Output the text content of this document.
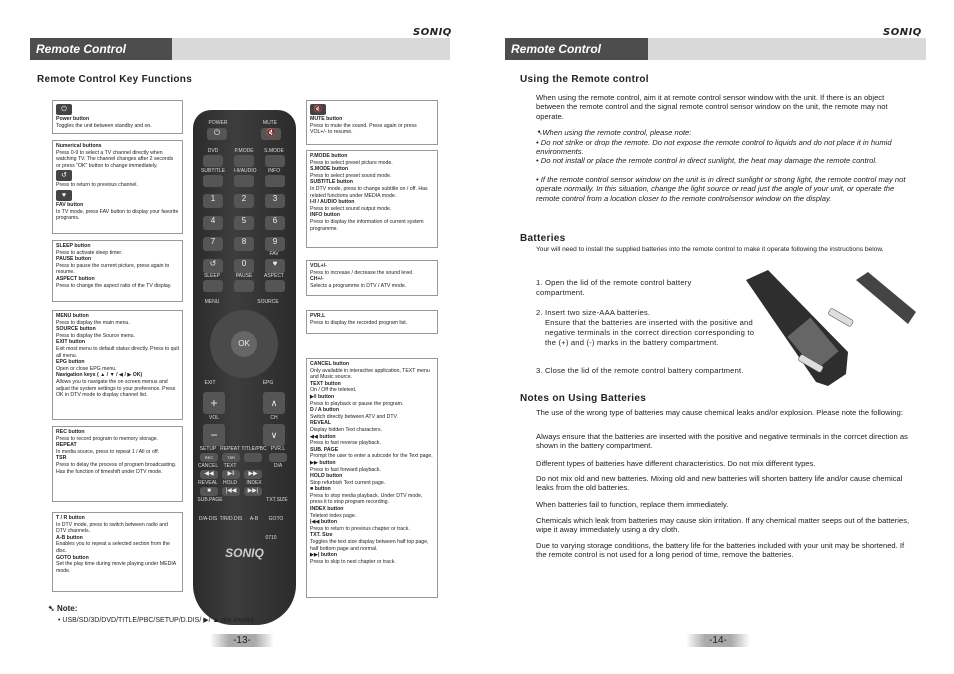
SONIQ
Remote Control
Remote Control Key Functions
⏻
Power button
Toggles the unit between standby and on.
Numerical buttons
Press 0-9 to select a TV channel directly when watching TV. The channel changes after 2 seconds or press "OK" button to change immediately.
↺
Press to return to previous channel.
♥
FAV button
In TV mode, press FAV button to display your favorite programs.
SLEEP button
Press to activate sleep timer.
PAUSE button
Press to pause the current picture, press again to resume.
ASPECT button
Press to change the aspect ratio of the TV display.
MENU button
Press to display the main menu.
SOURCE button
Press to display the Source menu.
EXIT button
Exit most menu to default status directly. Press to quit all menu.
EPG button
Open or close EPG menu.
Navigation keys ( ▲ / ▼ / ◀ / ▶ OK)
Allows you to navigate the on screen menus and adjust the system settings to your preference. Press OK in DTV mode to display channel list.
REC button
Press to record program to memory storage.
REPEAT
In media source, press to repeat 1 / All or off.
TSR
Press to delay the process of program broadcasting. Has the function of timeshift under DTV mode.
T / R button
In DTV mode, press to switch between radio and DTV channels.
A-B button
Enables you to repeat a selected section from the disc.
GOTO button
Set the play time during movie playing under MEDIA mode.
🔇
MUTE button
Press to mute the sound. Press again or press VOL+/- to resume.
P.MODE button
Press to select preset picture mode.
S.MODE button
Press to select preset sound mode.
SUBTITLE button
In DTV mode, press to change subtitle on / off. Has related functions under MEDIA mode.
I-II / AUDIO button
Press to select sound output mode.
INFO button
Press to display the information of current system programme.
VOL+/-
Press to increase / decrease the sound level.
CH+/-
Selects a programme in DTV / ATV mode.
PVR.L
Press to display the recorded program list.
CANCEL button
Only available in interactive application, TEXT menu and Music source.
TEXT button
On / Off the teletext.
▶‖ button
Press to playback or pause the program.
D / A button
Switch directly between ATV and DTV.
REVEAL
Display hidden Text characters.
◀◀ button
Press to fast reverse playback.
SUB. PAGE
Prompt the user to enter a subcode for the Text page.
▶▶ button
Press to fast forward playback.
HOLD button
Stop refurbish Text current page.
■ button
Press to stop media playback. Under DTV mode, press it to stop program recording.
INDEX button
Teletext index page.
|◀◀ button
Press to return to previous chapter or track.
TXT. Size
Toggles the text size display between half top page, half bottom page and normal.
▶▶| button
Press to skip to next chapter or track.
POWER	MUTE
⏻	🔇
DVD	P.MODE	S.MODE
SUBTITLE	I-II/AUDIO	INFO
1	2	3
4	5	6
7	8	9
↺	0	♥
FAV
SLEEP	PAUSE	ASPECT
MENU	SOURCE
OK
EXIT	EPG
+	∧
VOL	CH
−	∨
SETUP REPEAT TITLE/PBC PVR.L
REC	TSR
CANCEL	TEXT	D/A
◀◀	▶‖	▶▶
REVEAL	HOLD	INDEX
■	|◀◀	▶▶|
SUB.PAGE	TXT.SIZE
D/A-DIS T/R/D.DIS	A-B	GOTO
0710
SONIQ
➷ Note:
• USB/SD/3D/DVD/TITLE/PBC/SETUP/D.DIS/ ▶/ ▲ are invalid.
-13-
SONIQ
Remote Control
Using the Remote control
When using the remote control, aim it at remote control sensor window with the unit. If there is an object between the remote control and the signal remote control sensor window on the unit, the remote may not operate.
➷When using the remote control, please note:
• Do not strike or drop the remote. Do not expose the remote control to liquids and do not place it in humid environments.
• Do not install or place the remote control in direct sunlight, the heat may damage the remote control.
• If the remote control sensor window on the unit is in direct sunlight or strong light, the remote control may not operate normally. In this situation, change the light source or read just the angle of your unit, or operate the remote control from a location closer to the remote controlsensor window on the display.
Batteries
Your will need to install the supplied batteries into the remote control to make it operate following the instructions below.
1. Open the lid of the remote control battery compartment.
2. Insert two size-AAA batteries.
Ensure that the batteries are inserted with the positive and negative terminals in the correct direction corresponding to the (+) and (-) marks in the battery compartment.
3. Close the lid of the remote control battery compartment.
Notes on Using Batteries
The use of the wrong type of batteries may cause chemical leaks and/or explosion. Please note the following:
Always ensure that the batteries are inserted with the positive and negative terminals in the corrcet direction as shown in the battery compartment.
Different types of batteries have different characteristics. Do not mix different types.
Do not mix old and new batteries. Mixing old and new batteries will shorten battery life and/or cause chemical leaks from the old batteries.
When batteries fail to function, replace them immediately.
Chemicals which leak from batteries may cause skin irritation. If any chemical matter seeps out of the batteries, wipe it away immediately using a dry cloth.
Due to varying storage conditions, the battery life for the batteries included with your unit may be shortened. If the remote control is not used for a long period of time, remove the batteries.
-14-
